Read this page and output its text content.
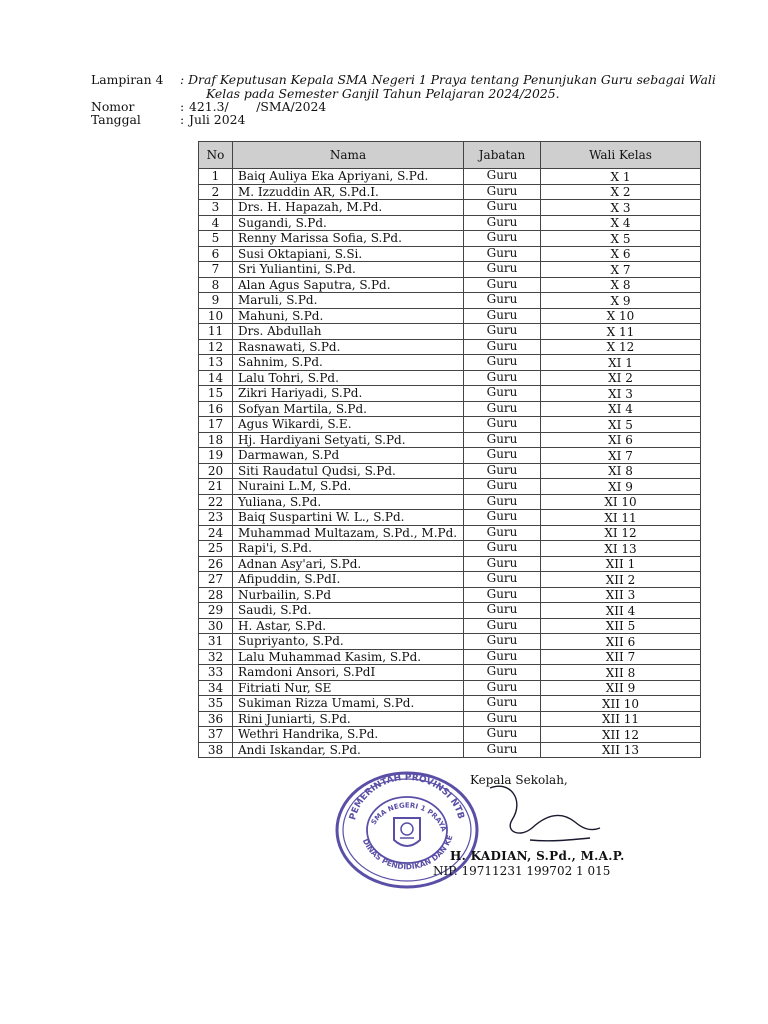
Lampiran 4 : Draf Keputusan Kepala SMA Negeri 1 Praya tentang Penunjukan Guru sebagai Wali
Kelas pada Semester Ganjil Tahun Pelajaran 2024/2025.
Nomor	: 421.3/       /SMA/2024
Tanggal	: Juli 2024
No	Nama	Jabatan	Wali Kelas
1	Baiq Auliya Eka Apriyani, S.Pd.	Guru	X 1
2	M. Izzuddin AR, S.Pd.I.	Guru	X 2
3	Drs. H. Hapazah, M.Pd.	Guru	X 3
4	Sugandi, S.Pd.	Guru	X 4
5	Renny Marissa Sofia, S.Pd.	Guru	X 5
6	Susi Oktapiani, S.Si.	Guru	X 6
7	Sri Yuliantini, S.Pd.	Guru	X 7
8	Alan Agus Saputra, S.Pd.	Guru	X 8
9	Maruli, S.Pd.	Guru	X 9
10	Mahuni, S.Pd.	Guru	X 10
11	Drs. Abdullah	Guru	X 11
12	Rasnawati, S.Pd.	Guru	X 12
13	Sahnim, S.Pd.	Guru	XI 1
14	Lalu Tohri, S.Pd.	Guru	XI 2
15	Zikri Hariyadi, S.Pd.	Guru	XI 3
16	Sofyan Martila, S.Pd.	Guru	XI 4
17	Agus Wikardi, S.E.	Guru	XI 5
18	Hj. Hardiyani Setyati, S.Pd.	Guru	XI 6
19	Darmawan, S.Pd	Guru	XI 7
20	Siti Raudatul Qudsi, S.Pd.	Guru	XI 8
21	Nuraini L.M, S.Pd.	Guru	XI 9
22	Yuliana, S.Pd.	Guru	XI 10
23	Baiq Suspartini W. L., S.Pd.	Guru	XI 11
24	Muhammad Multazam, S.Pd., M.Pd.	Guru	XI 12
25	Rapi'i, S.Pd.	Guru	XI 13
26	Adnan Asy'ari, S.Pd.	Guru	XII 1
27	Afipuddin, S.PdI.	Guru	XII 2
28	Nurbailin, S.Pd	Guru	XII 3
29	Saudi, S.Pd.	Guru	XII 4
30	H. Astar, S.Pd.	Guru	XII 5
31	Supriyanto, S.Pd.	Guru	XII 6
32	Lalu Muhammad Kasim, S.Pd.	Guru	XII 7
33	Ramdoni Ansori, S.PdI	Guru	XII 8
34	Fitriati Nur, SE	Guru	XII 9
35	Sukiman Rizza Umami, S.Pd.	Guru	XII 10
36	Rini Juniarti, S.Pd.	Guru	XII 11
37	Wethri Handrika, S.Pd.	Guru	XII 12
38	Andi Iskandar, S.Pd.	Guru	XII 13
PEMERINTAH PROVINSI NTB
DINAS PENDIDIKAN DAN KE
SMA NEGERI 1 PRAYA
Kepala Sekolah,
H. KADIAN, S.Pd., M.A.P.
NIP. 19711231 199702 1 015
